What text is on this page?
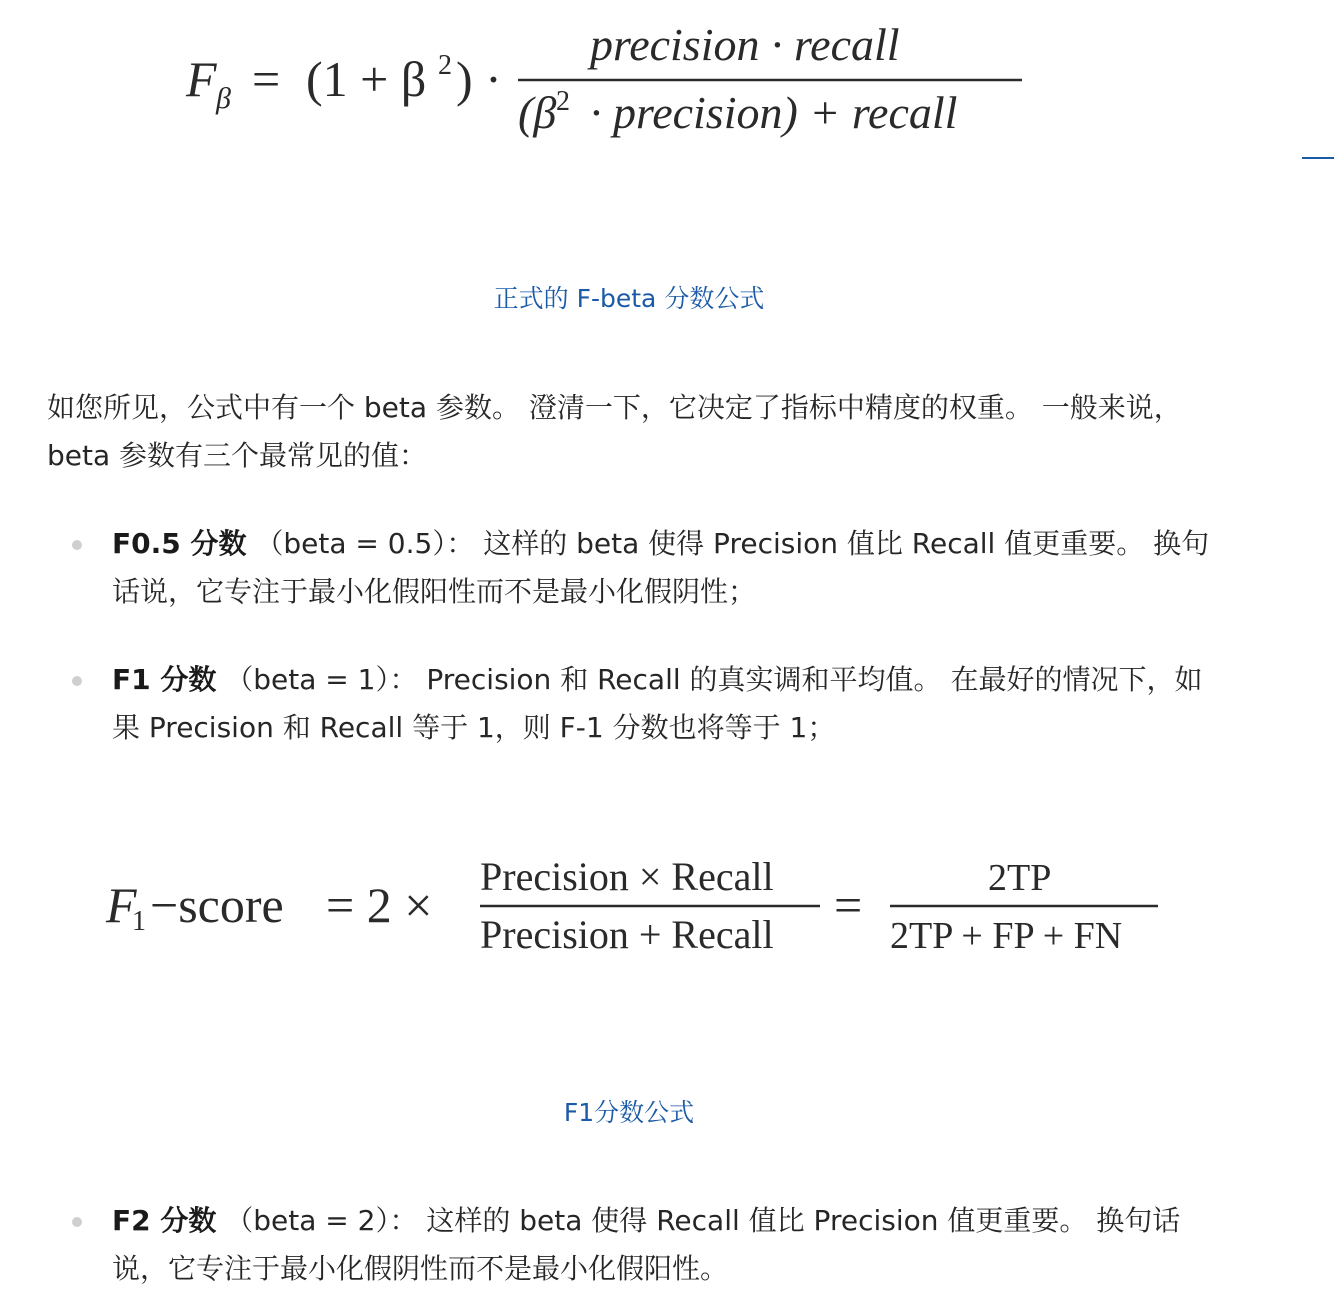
F β = (1 + β 2 ) ·
precision · recall
(β 2 · precision) + recall
正式的 F-beta 分数公式

如您所见，公式中有一个 beta 参数。 澄清一下，它决定了指标中精度的权重。 一般来说，beta 参数有三个最常见的值：

F0.5 分数 （beta = 0.5）： 这样的 beta 使得 Precision 值比 Recall 值更重要。 换句话说，它专注于最小化假阳性而不是最小化假阴性；

F1 分数 （beta = 1）： Precision 和 Recall 的真实调和平均值。 在最好的情况下，如果 Precision 和 Recall 等于 1，则 F-1 分数也将等于 1；

F
1 −score = 2 ×
Precision × Recall
Precision + Recall
=	2TP
2TP + FP + FN
F1分数公式

F2 分数 （beta = 2）： 这样的 beta 使得 Recall 值比 Precision 值更重要。 换句话说，它专注于最小化假阴性而不是最小化假阳性。
